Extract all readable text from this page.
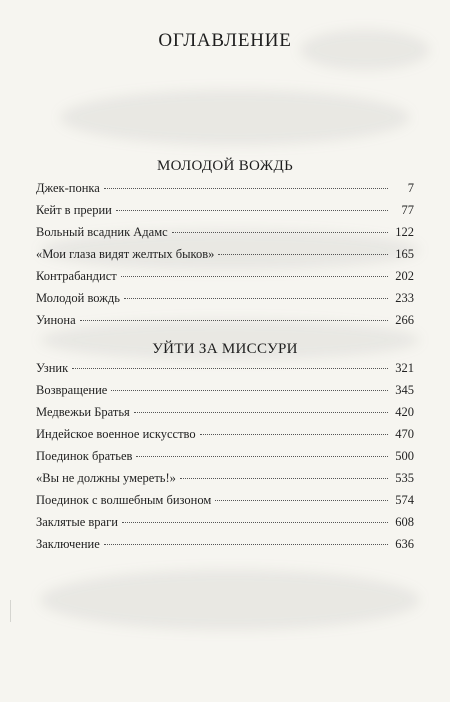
ОГЛАВЛЕНИЕ
МОЛОДОЙ ВОЖДЬ
Джек-понка	7
Кейт в прерии	77
Вольный всадник Адамс	122
«Мои глаза видят желтых быков»	165
Контрабандист	202
Молодой вождь	233
Уинона	266
УЙТИ ЗА МИССУРИ
Узник	321
Возвращение	345
Медвежьи Братья	420
Индейское военное искусство	470
Поединок братьев	500
«Вы не должны умереть!»	535
Поединок с волшебным бизоном	574
Заклятые враги	608
Заключение	636
